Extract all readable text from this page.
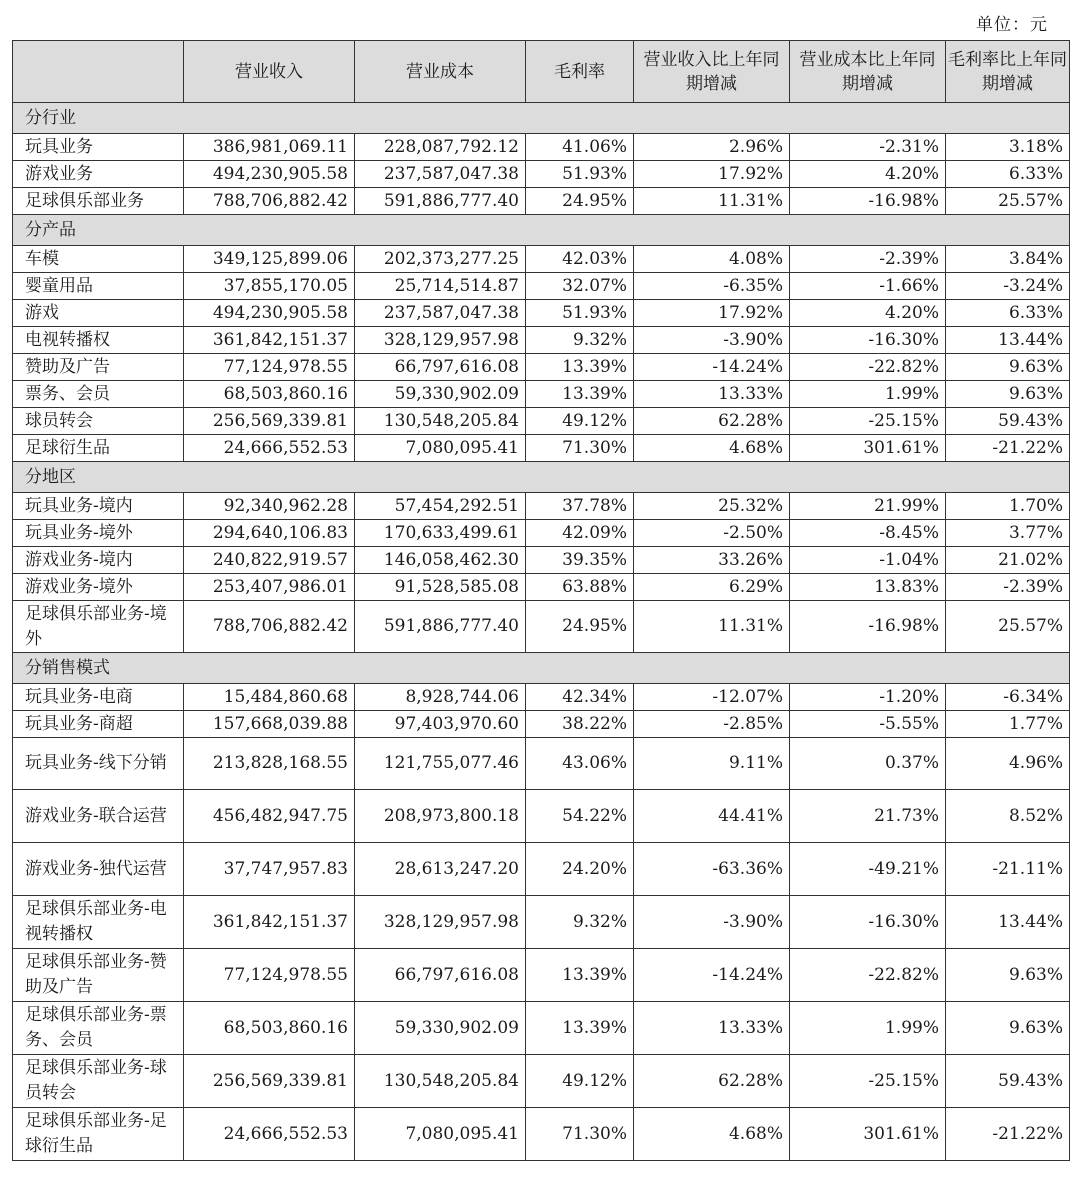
单位：元
	营业收入	营业成本	毛利率	营业收入比上年同期增减	营业成本比上年同期增减	毛利率比上年同期增减
分行业						
玩具业务	386,981,069.11	228,087,792.12	41.06%	2.96%	-2.31%	3.18%
游戏业务	494,230,905.58	237,587,047.38	51.93%	17.92%	4.20%	6.33%
足球俱乐部业务	788,706,882.42	591,886,777.40	24.95%	11.31%	-16.98%	25.57%
分产品						
车模	349,125,899.06	202,373,277.25	42.03%	4.08%	-2.39%	3.84%
婴童用品	37,855,170.05	25,714,514.87	32.07%	-6.35%	-1.66%	-3.24%
游戏	494,230,905.58	237,587,047.38	51.93%	17.92%	4.20%	6.33%
电视转播权	361,842,151.37	328,129,957.98	9.32%	-3.90%	-16.30%	13.44%
赞助及广告	77,124,978.55	66,797,616.08	13.39%	-14.24%	-22.82%	9.63%
票务、会员	68,503,860.16	59,330,902.09	13.39%	13.33%	1.99%	9.63%
球员转会	256,569,339.81	130,548,205.84	49.12%	62.28%	-25.15%	59.43%
足球衍生品	24,666,552.53	7,080,095.41	71.30%	4.68%	301.61%	-21.22%
分地区						
玩具业务-境内	92,340,962.28	57,454,292.51	37.78%	25.32%	21.99%	1.70%
玩具业务-境外	294,640,106.83	170,633,499.61	42.09%	-2.50%	-8.45%	3.77%
游戏业务-境内	240,822,919.57	146,058,462.30	39.35%	33.26%	-1.04%	21.02%
游戏业务-境外	253,407,986.01	91,528,585.08	63.88%	6.29%	13.83%	-2.39%
足球俱乐部业务-境外	788,706,882.42	591,886,777.40	24.95%	11.31%	-16.98%	25.57%
分销售模式						
玩具业务-电商	15,484,860.68	8,928,744.06	42.34%	-12.07%	-1.20%	-6.34%
玩具业务-商超	157,668,039.88	97,403,970.60	38.22%	-2.85%	-5.55%	1.77%
玩具业务-线下分销	213,828,168.55	121,755,077.46	43.06%	9.11%	0.37%	4.96%
游戏业务-联合运营	456,482,947.75	208,973,800.18	54.22%	44.41%	21.73%	8.52%
游戏业务-独代运营	37,747,957.83	28,613,247.20	24.20%	-63.36%	-49.21%	-21.11%
足球俱乐部业务-电视转播权	361,842,151.37	328,129,957.98	9.32%	-3.90%	-16.30%	13.44%
足球俱乐部业务-赞助及广告	77,124,978.55	66,797,616.08	13.39%	-14.24%	-22.82%	9.63%
足球俱乐部业务-票务、会员	68,503,860.16	59,330,902.09	13.39%	13.33%	1.99%	9.63%
足球俱乐部业务-球员转会	256,569,339.81	130,548,205.84	49.12%	62.28%	-25.15%	59.43%
足球俱乐部业务-足球衍生品	24,666,552.53	7,080,095.41	71.30%	4.68%	301.61%	-21.22%
